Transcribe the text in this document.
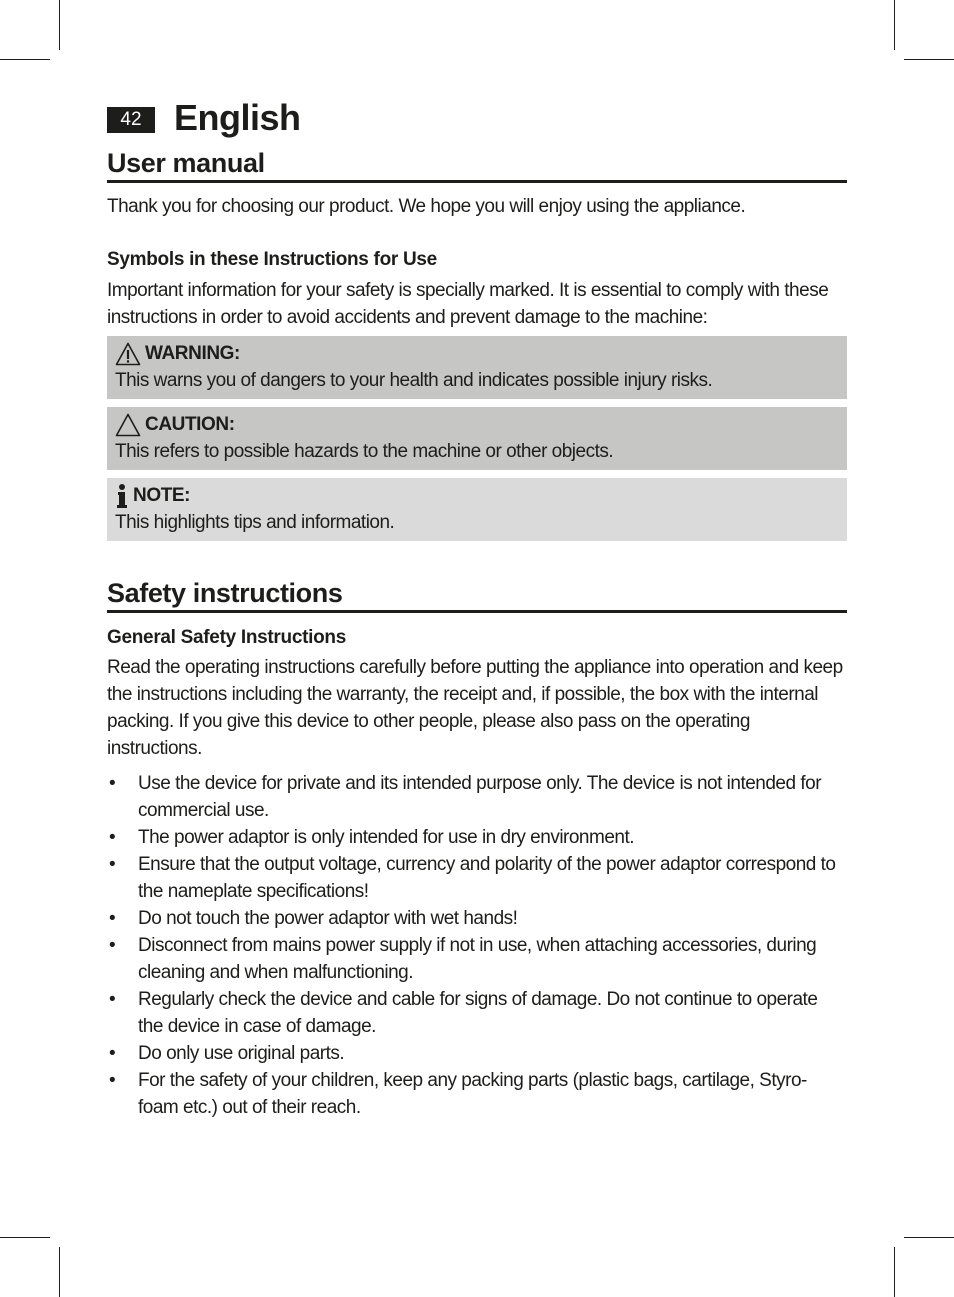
42 English
User manual

Thank you for choosing our product. We hope you will enjoy using the appliance.

Symbols in these Instructions for Use

Important information for your safety is specially marked. It is essential to comply with these instructions in order to avoid accidents and prevent damage to the machine:

WARNING:

This warns you of dangers to your health and indicates possible injury risks.

CAUTION:

This refers to possible hazards to the machine or other objects.

NOTE:

This highlights tips and information.

Safety instructions
General Safety Instructions

Read the operating instructions carefully before putting the appliance into operation and keep the instructions including the warranty, the receipt and, if possible, the box with the internal packing. If you give this device to other people, please also pass on the operating instructions.

• Use the device for private and its intended purpose only. The device is not intended for commercial use.
• The power adaptor is only intended for use in dry environment.
• Ensure that the output voltage, currency and polarity of the power adaptor correspond to the nameplate specifications!
• Do not touch the power adaptor with wet hands!
• Disconnect from mains power supply if not in use, when attaching accessories, during cleaning and when malfunctioning.
• Regularly check the device and cable for signs of damage. Do not continue to operate the device in case of damage.
• Do only use original parts.
• For the safety of your children, keep any packing parts (plastic bags, cartilage, Styro-foam etc.) out of their reach.
